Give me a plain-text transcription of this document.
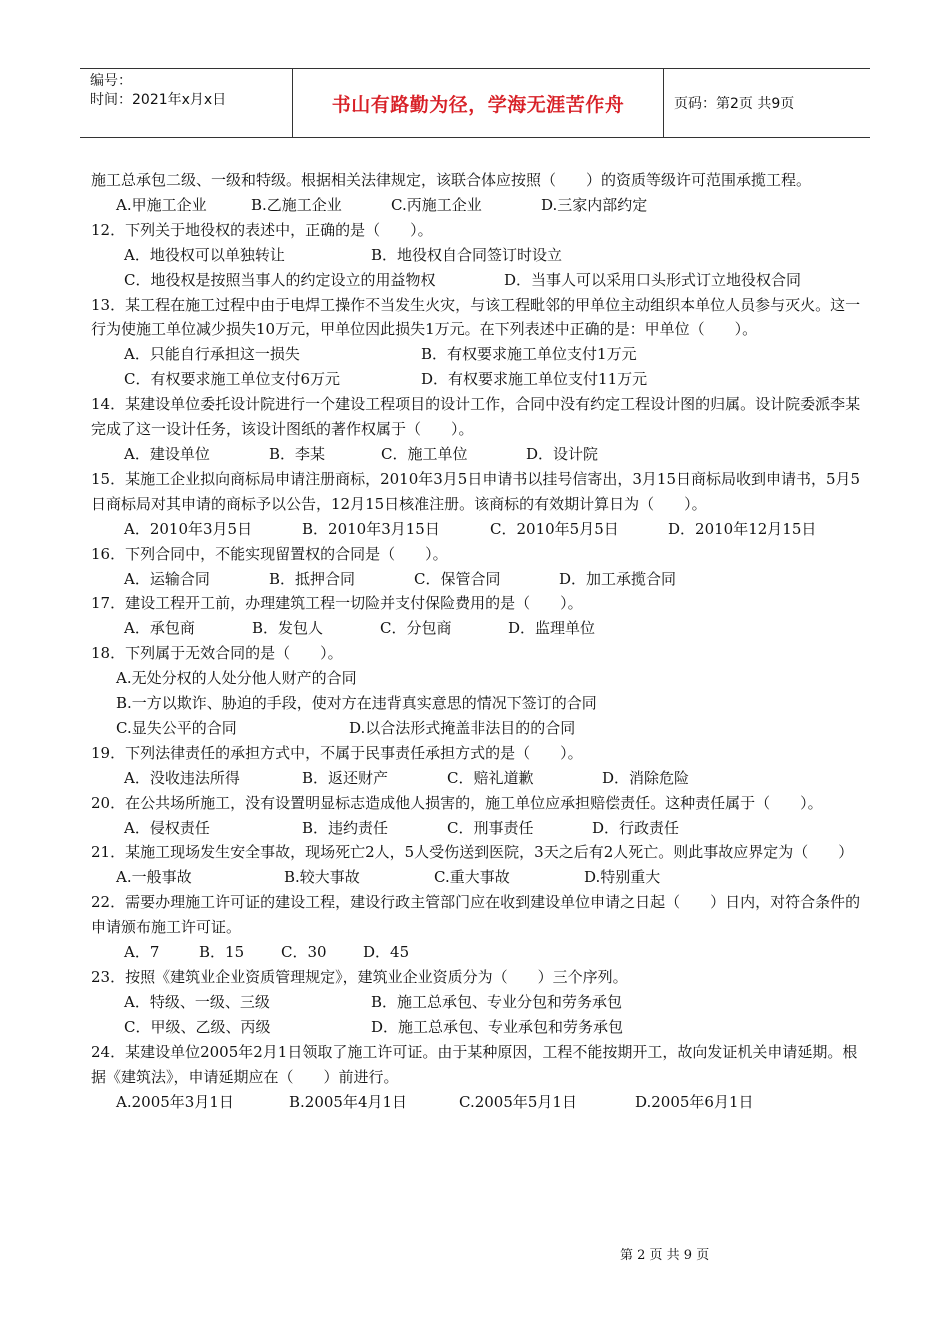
编号：
时间：2021年x月x日	书山有路勤为径，学海无涯苦作舟	页码：第2页 共9页
施工总承包二级、一级和特级。根据相关法律规定，该联合体应按照（　　）的资质等级许可范围承揽工程。
A.甲施工企业	B.乙施工企业	C.丙施工企业	D.三家内部约定
12．下列关于地役权的表述中，正确的是（　　）。
A．地役权可以单独转让	B．地役权自合同签订时设立
C．地役权是按照当事人的约定设立的用益物权	D．当事人可以采用口头形式订立地役权合同
13．某工程在施工过程中由于电焊工操作不当发生火灾，与该工程毗邻的甲单位主动组织本单位人员参与灭火。这一行为使施工单位减少损失10万元，甲单位因此损失1万元。在下列表述中正确的是：甲单位（　　）。
A．只能自行承担这一损失	B．有权要求施工单位支付1万元
C．有权要求施工单位支付6万元	D．有权要求施工单位支付11万元
14．某建设单位委托设计院进行一个建设工程项目的设计工作，合同中没有约定工程设计图的归属。设计院委派李某完成了这一设计任务，该设计图纸的著作权属于（　　）。
A．建设单位	B．李某	C．施工单位	D．设计院
15．某施工企业拟向商标局申请注册商标，2010年3月5日申请书以挂号信寄出，3月15日商标局收到申请书，5月5日商标局对其申请的商标予以公告，12月15日核准注册。该商标的有效期计算日为（　　）。
A．2010年3月5日	B．2010年3月15日	C．2010年5月5日	D．2010年12月15日
16．下列合同中，不能实现留置权的合同是（　　）。
A．运输合同	B．抵押合同	C．保管合同	D．加工承揽合同
17．建设工程开工前，办理建筑工程一切险并支付保险费用的是（　　）。
A．承包商	B．发包人	C．分包商	D．监理单位
18．下列属于无效合同的是（　　）。
A.无处分权的人处分他人财产的合同
B.一方以欺诈、胁迫的手段，使对方在违背真实意思的情况下签订的合同
C.显失公平的合同	D.以合法形式掩盖非法目的的合同
19．下列法律责任的承担方式中，不属于民事责任承担方式的是（　　）。
A．没收违法所得	B．返还财产	C．赔礼道歉	D．消除危险
20．在公共场所施工，没有设置明显标志造成他人损害的，施工单位应承担赔偿责任。这种责任属于（　　）。
A．侵权责任	B．违约责任	C．刑事责任	D．行政责任
21．某施工现场发生安全事故，现场死亡2人，5人受伤送到医院，3天之后有2人死亡。则此事故应界定为（　　）
A.一般事故	B.较大事故	C.重大事故	D.特别重大
22．需要办理施工许可证的建设工程，建设行政主管部门应在收到建设单位申请之日起（　　）日内，对符合条件的申请颁布施工许可证。
A．7	B．15	C．30	D．45
23．按照《建筑业企业资质管理规定》，建筑业企业资质分为（　　）三个序列。
A．特级、一级、三级	B．施工总承包、专业分包和劳务承包
C．甲级、乙级、丙级	D．施工总承包、专业承包和劳务承包
24．某建设单位2005年2月1日领取了施工许可证。由于某种原因，工程不能按期开工，故向发证机关申请延期。根据《建筑法》，申请延期应在（　　）前进行。
A.2005年3月1日	B.2005年4月1日	C.2005年5月1日	D.2005年6月1日
第 2 页 共 9 页
